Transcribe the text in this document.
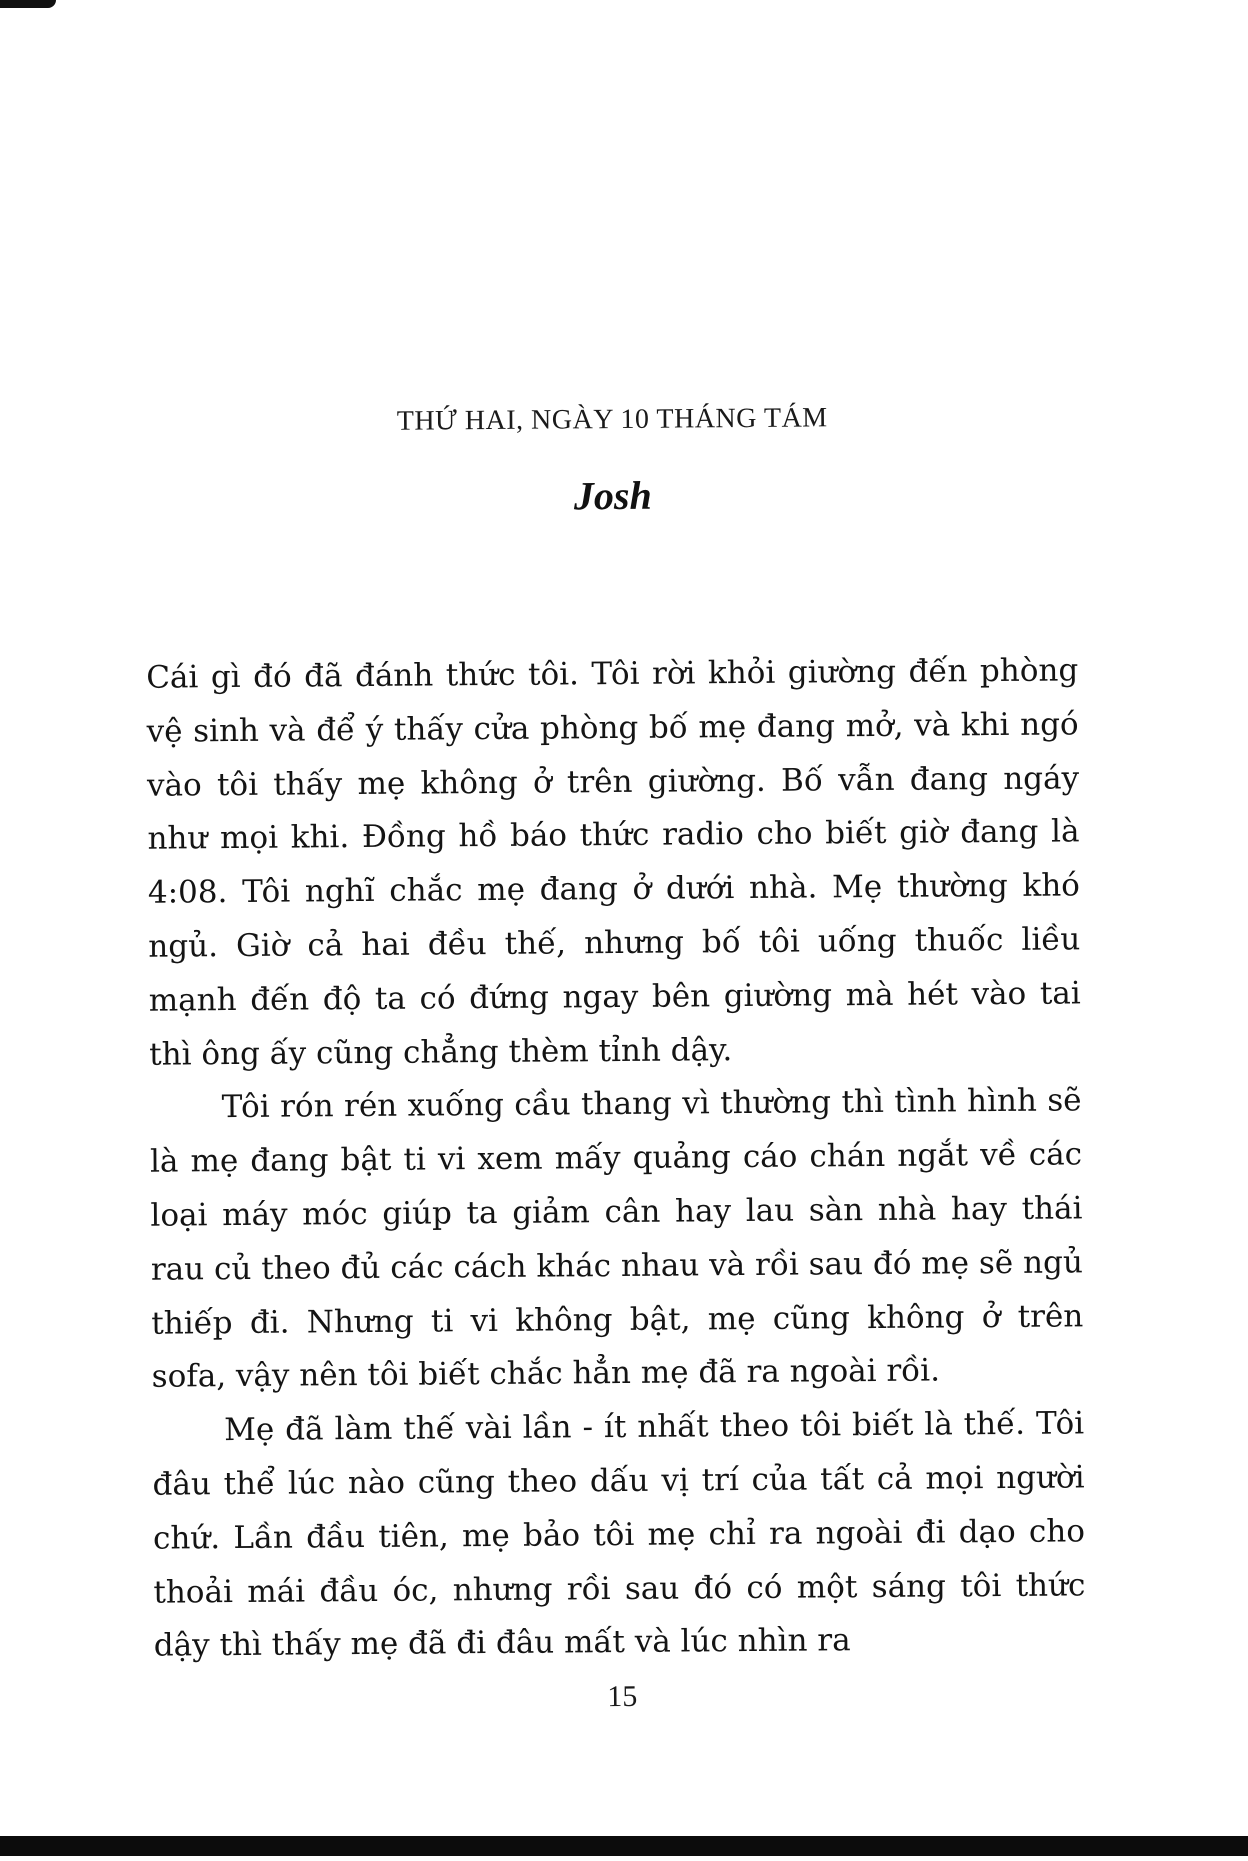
THỨ HAI, NGÀY 10 THÁNG TÁM
Josh

Cái gì đó đã đánh thức tôi. Tôi rời khỏi giường đến phòng vệ sinh và để ý thấy cửa phòng bố mẹ đang mở, và khi ngó vào tôi thấy mẹ không ở trên giường. Bố vẫn đang ngáy như mọi khi. Đồng hồ báo thức radio cho biết giờ đang là 4:08. Tôi nghĩ chắc mẹ đang ở dưới nhà. Mẹ thường khó ngủ. Giờ cả hai đều thế, nhưng bố tôi uống thuốc liều mạnh đến độ ta có đứng ngay bên giường mà hét vào tai thì ông ấy cũng chẳng thèm tỉnh dậy.

Tôi rón rén xuống cầu thang vì thường thì tình hình sẽ là mẹ đang bật ti vi xem mấy quảng cáo chán ngắt về các loại máy móc giúp ta giảm cân hay lau sàn nhà hay thái rau củ theo đủ các cách khác nhau và rồi sau đó mẹ sẽ ngủ thiếp đi. Nhưng ti vi không bật, mẹ cũng không ở trên sofa, vậy nên tôi biết chắc hẳn mẹ đã ra ngoài rồi.

Mẹ đã làm thế vài lần - ít nhất theo tôi biết là thế. Tôi đâu thể lúc nào cũng theo dấu vị trí của tất cả mọi người chứ. Lần đầu tiên, mẹ bảo tôi mẹ chỉ ra ngoài đi dạo cho thoải mái đầu óc, nhưng rồi sau đó có một sáng tôi thức dậy thì thấy mẹ đã đi đâu mất và lúc nhìn ra

15
